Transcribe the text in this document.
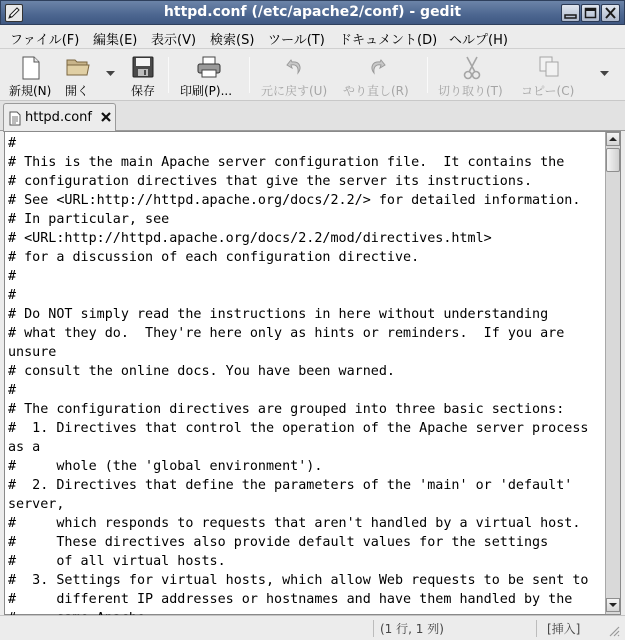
httpd.conf (/etc/apache2/conf) - gedit
ファイル(F) 編集(E) 表示(V) 検索(S) ツール(T) ドキュメント(D) ヘルプ(H)
新規(N) 開く	保存 印刷(P)... 元に戻す(U) やり直し(R) 切り取り(T) コピー(C)
httpd.conf
#
# This is the main Apache server configuration file.  It contains the
# configuration directives that give the server its instructions.
# See <URL:http://httpd.apache.org/docs/2.2/> for detailed information.
# In particular, see
# <URL:http://httpd.apache.org/docs/2.2/mod/directives.html>
# for a discussion of each configuration directive.
#
#
# Do NOT simply read the instructions in here without understanding
# what they do.  They're here only as hints or reminders.  If you are
unsure
# consult the online docs. You have been warned.
#
# The configuration directives are grouped into three basic sections:
#  1. Directives that control the operation of the Apache server process
as a
#     whole (the 'global environment').
#  2. Directives that define the parameters of the 'main' or 'default'
server,
#     which responds to requests that aren't handled by a virtual host.
#     These directives also provide default values for the settings
#     of all virtual hosts.
#  3. Settings for virtual hosts, which allow Web requests to be sent to
#     different IP addresses or hostnames and have them handled by the
(1 行, 1 列)	[挿入]
